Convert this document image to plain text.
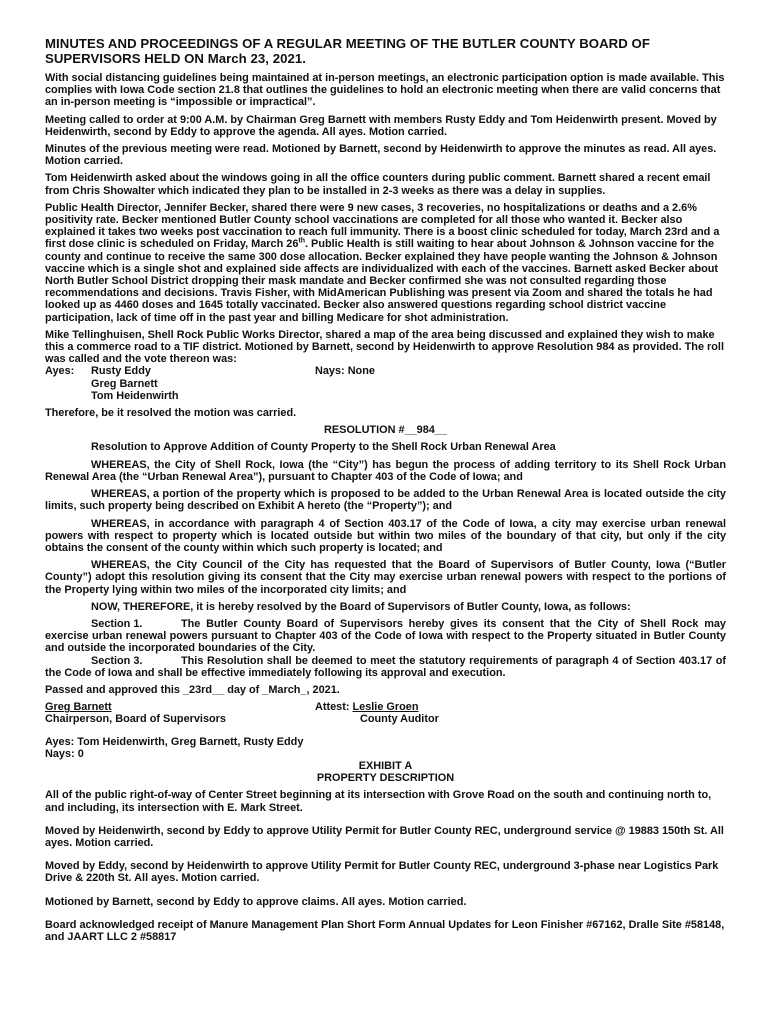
MINUTES AND PROCEEDINGS OF A REGULAR MEETING OF THE BUTLER COUNTY BOARD OF SUPERVISORS HELD ON March 23, 2021.

With social distancing guidelines being maintained at in-person meetings, an electronic participation option is made available. This complies with Iowa Code section 21.8 that outlines the guidelines to hold an electronic meeting when there are valid concerns that an in-person meeting is “impossible or impractical”.

Meeting called to order at 9:00 A.M. by Chairman Greg Barnett with members Rusty Eddy and Tom Heidenwirth present. Moved by Heidenwirth, second by Eddy to approve the agenda. All ayes. Motion carried.

Minutes of the previous meeting were read. Motioned by Barnett, second by Heidenwirth to approve the minutes as read. All ayes. Motion carried.

Tom Heidenwirth asked about the windows going in all the office counters during public comment. Barnett shared a recent email from Chris Showalter which indicated they plan to be installed in 2-3 weeks as there was a delay in supplies.

Public Health Director, Jennifer Becker, shared there were 9 new cases, 3 recoveries, no hospitalizations or deaths and a 2.6% positivity rate. Becker mentioned Butler County school vaccinations are completed for all those who wanted it. Becker also explained it takes two weeks post vaccination to reach full immunity. There is a boost clinic scheduled for today, March 23rd and a first dose clinic is scheduled on Friday, March 26th. Public Health is still waiting to hear about Johnson & Johnson vaccine for the county and continue to receive the same 300 dose allocation. Becker explained they have people wanting the Johnson & Johnson vaccine which is a single shot and explained side affects are individualized with each of the vaccines. Barnett asked Becker about North Butler School District dropping their mask mandate and Becker confirmed she was not consulted regarding those recommendations and decisions. Travis Fisher, with MidAmerican Publishing was present via Zoom and shared the totals he had looked up as 4460 doses and 1645 totally vaccinated. Becker also answered questions regarding school district vaccine participation, lack of time off in the past year and billing Medicare for shot administration.

Mike Tellinghuisen, Shell Rock Public Works Director, shared a map of the area being discussed and explained they wish to make this a commerce road to a TIF district. Motioned by Barnett, second by Heidenwirth to approve Resolution 984 as provided. The roll was called and the vote thereon was:
Ayes: Rusty Eddy
Greg Barnett
Tom Heidenwirth
Nays: None

Therefore, be it resolved the motion was carried.

RESOLUTION #__984__

Resolution to Approve Addition of County Property to the Shell Rock Urban Renewal Area

WHEREAS, the City of Shell Rock, Iowa (the “City”) has begun the process of adding territory to its Shell Rock Urban Renewal Area (the “Urban Renewal Area”), pursuant to Chapter 403 of the Code of Iowa; and

WHEREAS, a portion of the property which is proposed to be added to the Urban Renewal Area is located outside the city limits, such property being described on Exhibit A hereto (the “Property”); and

WHEREAS, in accordance with paragraph 4 of Section 403.17 of the Code of Iowa, a city may exercise urban renewal powers with respect to property which is located outside but within two miles of the boundary of that city, but only if the city obtains the consent of the county within which such property is located; and

WHEREAS, the City Council of the City has requested that the Board of Supervisors of Butler County, Iowa (“Butler County”) adopt this resolution giving its consent that the City may exercise urban renewal powers with respect to the portions of the Property lying within two miles of the incorporated city limits; and

NOW, THEREFORE, it is hereby resolved by the Board of Supervisors of Butler County, Iowa, as follows:

Section 1.	The Butler County Board of Supervisors hereby gives its consent that the City of Shell Rock may exercise urban renewal powers pursuant to Chapter 403 of the Code of Iowa with respect to the Property situated in Butler County and outside the incorporated boundaries of the City.
Section 3.	This Resolution shall be deemed to meet the statutory requirements of paragraph 4 of Section 403.17 of the Code of Iowa and shall be effective immediately following its approval and execution.

Passed and approved this _23rd__ day of _March_, 2021.

Greg Barnett
Chairperson, Board of Supervisors
Attest: Leslie Groen
County Auditor
Ayes: Tom Heidenwirth, Greg Barnett, Rusty Eddy
Nays: 0
EXHIBIT A
PROPERTY DESCRIPTION

All of the public right-of-way of Center Street beginning at its intersection with Grove Road on the south and continuing north to, and including, its intersection with E. Mark Street.

Moved by Heidenwirth, second by Eddy to approve Utility Permit for Butler County REC, underground service @ 19883 150th St. All ayes. Motion carried.

Moved by Eddy, second by Heidenwirth to approve Utility Permit for Butler County REC, underground 3-phase near Logistics Park Drive & 220th St. All ayes. Motion carried.

Motioned by Barnett, second by Eddy to approve claims. All ayes. Motion carried.

Board acknowledged receipt of Manure Management Plan Short Form Annual Updates for Leon Finisher #67162, Dralle Site #58148, and JAART LLC 2 #58817
